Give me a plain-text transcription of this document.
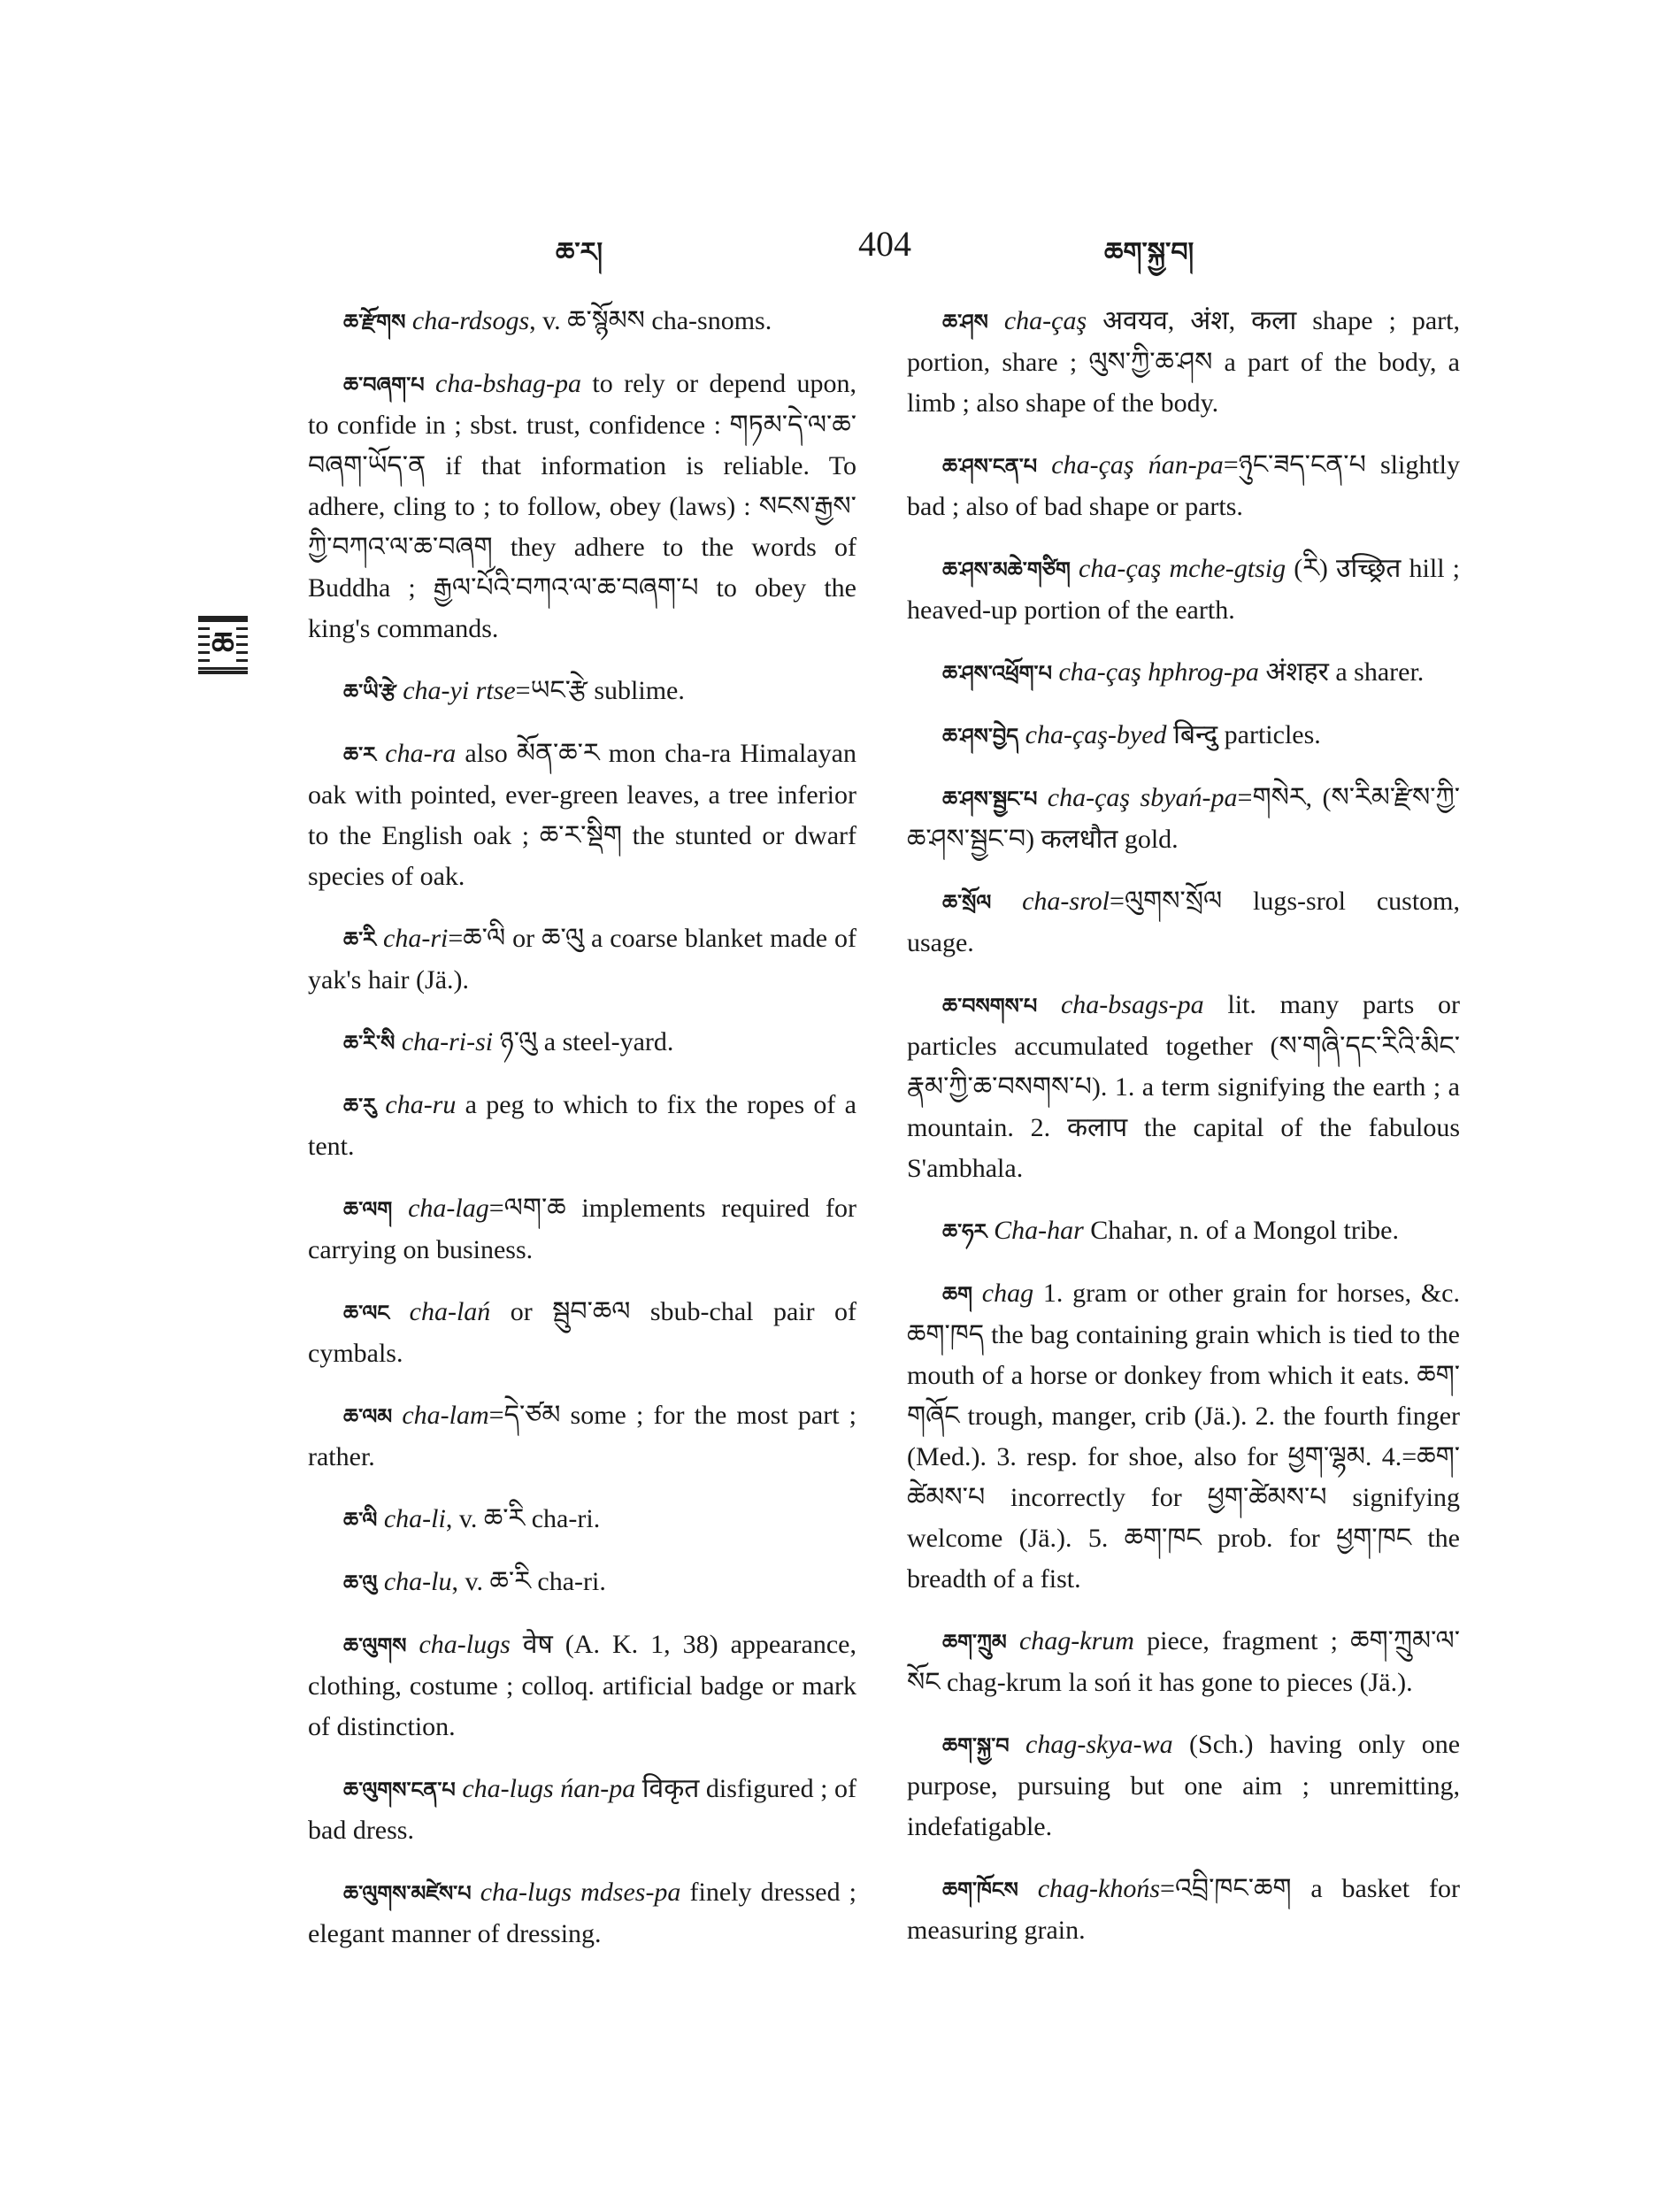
ཆ་ར།	404	ཆག་སྐྱ་བ།
ཆ

ཆ་རྫོགས cha-rdsogs, v. ཆ་སྙོམས cha-snoms.

ཆ་བཞག་པ cha-bshag-pa to rely or depend upon, to confide in ; sbst. trust, confidence : གཏམ་དེ་ལ་ཆ་བཞག་ཡོད་ན if that information is reliable. To adhere, cling to ; to follow, obey (laws) : སངས་རྒྱས་ཀྱི་བཀའ་ལ་ཆ་བཞག they adhere to the words of Buddha ; རྒྱལ་པོའི་བཀའ་ལ་ཆ་བཞག་པ to obey the king's commands.

ཆ་ཡི་རྩེ cha-yi rtse=ཡང་རྩེ sublime.

ཆ་ར cha-ra also མོན་ཆ་ར mon cha-ra Himalayan oak with pointed, ever-green leaves, a tree inferior to the English oak ; ཆ་ར་སྡིག the stunted or dwarf species of oak.

ཆ་རི cha-ri=ཆ་ལི or ཆ་ལུ a coarse blanket made of yak's hair (Jä.).

ཆ་རི་སི cha-ri-si ཉ་ལུ a steel-yard.

ཆ་རུ cha-ru a peg to which to fix the ropes of a tent.

ཆ་ལག cha-lag=ལག་ཆ implements required for carrying on business.

ཆ་ལང cha-lań or སྦུབ་ཆལ sbub-chal pair of cymbals.

ཆ་ལམ cha-lam=དེ་ཙམ some ; for the most part ; rather.

ཆ་ལི cha-li, v. ཆ་རི cha-ri.

ཆ་ལུ cha-lu, v. ཆ་རི cha-ri.

ཆ་ལུགས cha-lugs वेष (A. K. 1, 38) appearance, clothing, costume ; colloq. artificial badge or mark of distinction.

ཆ་ལུགས་ངན་པ cha-lugs ńan-pa विकृत disfigured ; of bad dress.

ཆ་ལུགས་མཛེས་པ cha-lugs mdses-pa finely dressed ; elegant manner of dressing.

ཆ་ཤས cha-çaş अवयव, अंश, कला shape ; part, portion, share ; ལུས་ཀྱི་ཆ་ཤས a part of the body, a limb ; also shape of the body.

ཆ་ཤས་ངན་པ cha-çaş ńan-pa=ཉུང་ཟད་ངན་པ slightly bad ; also of bad shape or parts.

ཆ་ཤས་མཆེ་གཙིག cha-çaş mche-gtsig (རི) उच्छ्रित hill ; heaved-up portion of the earth.

ཆ་ཤས་འཕྲོག་པ cha-çaş hphrog-pa अंशहर a sharer.

ཆ་ཤས་བྱེད cha-çaş-byed बिन्दु particles.

ཆ་ཤས་སྦྱང་པ cha-çaş sbyań-pa=གསེར, (ས་རིམ་རྫིས་ཀྱི་ཆ་ཤས་སྦྱང་བ) कलधौत gold.

ཆ་སྲོལ cha-srol=ལུགས་སྲོལ lugs-srol custom, usage.

ཆ་བསགས་པ cha-bsags-pa lit. many parts or particles accumulated together (ས་གཞི་དང་རིའི་མིང་རྣམ་ཀྱི་ཆ་བསགས་པ). 1. a term signifying the earth ; a mountain. 2. कलाप the capital of the fabulous S'ambhala.

ཆ་ཧར Cha-har Chahar, n. of a Mongol tribe.

ཆག chag 1. gram or other grain for horses, &c. ཆག་ཁད the bag containing grain which is tied to the mouth of a horse or donkey from which it eats. ཆག་གཞོང trough, manger, crib (Jä.). 2. the fourth finger (Med.). 3. resp. for shoe, also for ཕྱག་ལྷམ. 4.=ཆག་ཚེམས་པ incorrectly for ཕྱག་ཚེམས་པ signifying welcome (Jä.). 5. ཆག་ཁང prob. for ཕྱག་ཁང the breadth of a fist.

ཆག་ཀྲུམ chag-krum piece, fragment ; ཆག་ཀྲུམ་ལ་སོང chag-krum la soń it has gone to pieces (Jä.).

ཆག་སྐྱ་བ chag-skya-wa (Sch.) having only one purpose, pursuing but one aim ; unremitting, indefatigable.

ཆག་ཁོངས chag-khońs=འབྲི་ཁང་ཆག a basket for measuring grain.
